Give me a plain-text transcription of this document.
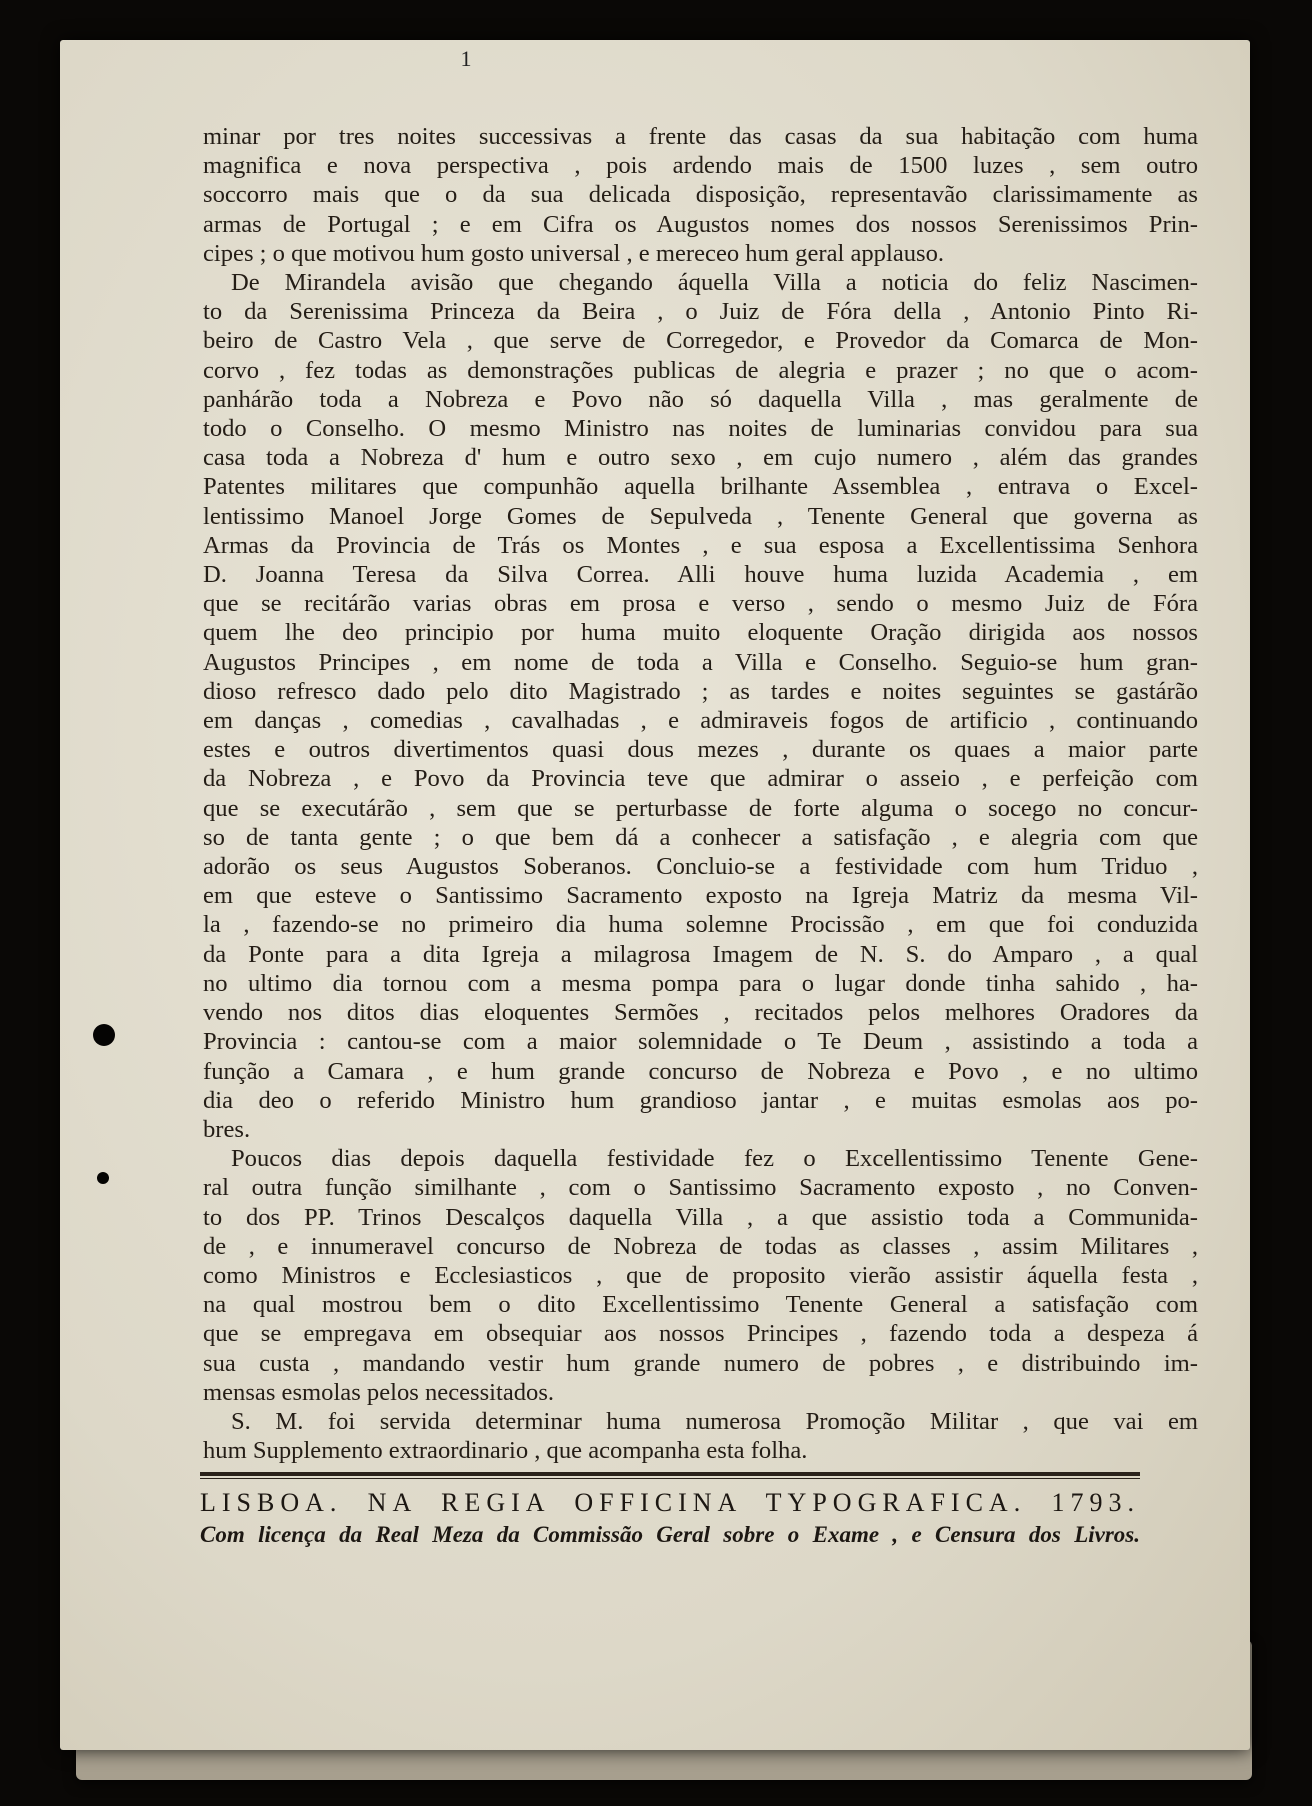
1
minar por tres noites successivas a frente das casas da sua habitação com huma
magnifica e nova perspectiva , pois ardendo mais de 1500 luzes , sem outro
soccorro mais que o da sua delicada disposição, representavão clarissimamente as
armas de Portugal ; e em Cifra os Augustos nomes dos nossos Serenissimos Prin-
cipes ; o que motivou hum gosto universal , e mereceo hum geral applauso.
De Mirandela avisão que chegando áquella Villa a noticia do feliz Nascimen-
to da Serenissima Princeza da Beira , o Juiz de Fóra della , Antonio Pinto Ri-
beiro de Castro Vela , que serve de Corregedor, e Provedor da Comarca de Mon-
corvo , fez todas as demonstrações publicas de alegria e prazer ; no que o acom-
panhárão toda a Nobreza e Povo não só daquella Villa , mas geralmente de
todo o Conselho. O mesmo Ministro nas noites de luminarias convidou para sua
casa toda a Nobreza d' hum e outro sexo , em cujo numero , além das grandes
Patentes militares que compunhão aquella brilhante Assemblea , entrava o Excel-
lentissimo Manoel Jorge Gomes de Sepulveda , Tenente General que governa as
Armas da Provincia de Trás os Montes , e sua esposa a Excellentissima Senhora
D. Joanna Teresa da Silva Correa. Alli houve huma luzida Academia , em
que se recitárão varias obras em prosa e verso , sendo o mesmo Juiz de Fóra
quem lhe deo principio por huma muito eloquente Oração dirigida aos nossos
Augustos Principes , em nome de toda a Villa e Conselho. Seguio-se hum gran-
dioso refresco dado pelo dito Magistrado ; as tardes e noites seguintes se gastárão
em danças , comedias , cavalhadas , e admiraveis fogos de artificio , continuando
estes e outros divertimentos quasi dous mezes , durante os quaes a maior parte
da Nobreza , e Povo da Provincia teve que admirar o asseio , e perfeição com
que se executárão , sem que se perturbasse de forte alguma o socego no concur-
so de tanta gente ; o que bem dá a conhecer a satisfação , e alegria com que
adorão os seus Augustos Soberanos. Concluio-se a festividade com hum Triduo ,
em que esteve o Santissimo Sacramento exposto na Igreja Matriz da mesma Vil-
la , fazendo-se no primeiro dia huma solemne Procissão , em que foi conduzida
da Ponte para a dita Igreja a milagrosa Imagem de N. S. do Amparo , a qual
no ultimo dia tornou com a mesma pompa para o lugar donde tinha sahido , ha-
vendo nos ditos dias eloquentes Sermões , recitados pelos melhores Oradores da
Provincia : cantou-se com a maior solemnidade o Te Deum , assistindo a toda a
função a Camara , e hum grande concurso de Nobreza e Povo , e no ultimo
dia deo o referido Ministro hum grandioso jantar , e muitas esmolas aos po-
bres.
Poucos dias depois daquella festividade fez o Excellentissimo Tenente Gene-
ral outra função similhante , com o Santissimo Sacramento exposto , no Conven-
to dos PP. Trinos Descalços daquella Villa , a que assistio toda a Communida-
de , e innumeravel concurso de Nobreza de todas as classes , assim Militares ,
como Ministros e Ecclesiasticos , que de proposito vierão assistir áquella festa ,
na qual mostrou bem o dito Excellentissimo Tenente General a satisfação com
que se empregava em obsequiar aos nossos Principes , fazendo toda a despeza á
sua custa , mandando vestir hum grande numero de pobres , e distribuindo im-
mensas esmolas pelos necessitados.
S. M. foi servida determinar huma numerosa Promoção Militar , que vai em
hum Supplemento extraordinario , que acompanha esta folha.
LISBOA. NA REGIA OFFICINA TYPOGRAFICA. 1793.
Com licença da Real Meza da Commissão Geral sobre o Exame , e Censura dos Livros.
